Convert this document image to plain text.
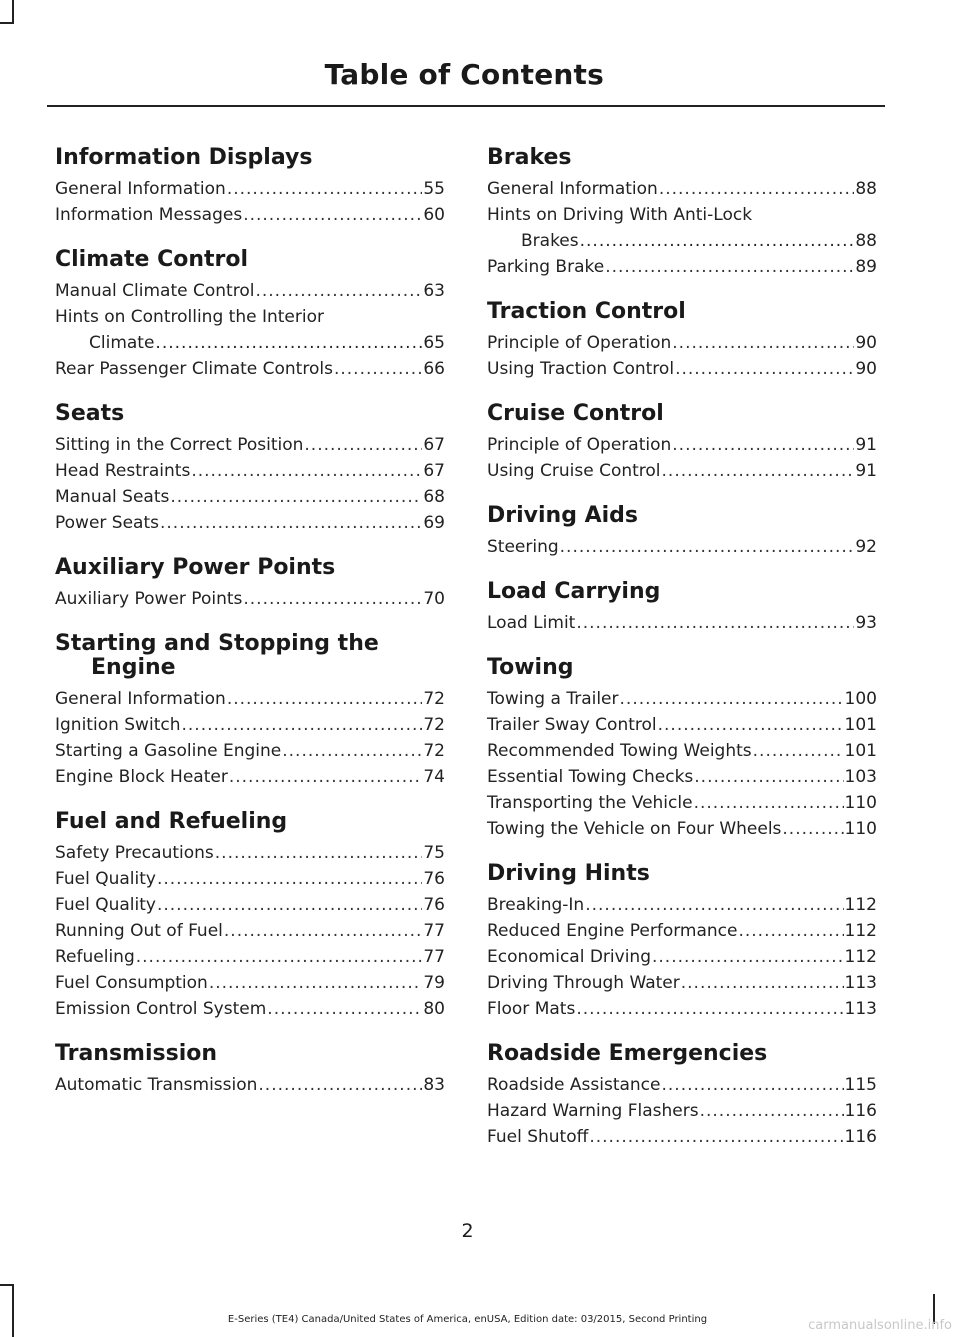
Table of Contents
Information Displays
General Information .....	55
Information Messages .....	60
Climate Control
Manual Climate Control .....	63
Hints on Controlling the Interior
Climate .....	65
Rear Passenger Climate Controls .....	66
Seats
Sitting in the Correct Position .....	67
Head Restraints .....	67
Manual Seats .....	68
Power Seats .....	69
Auxiliary Power Points
Auxiliary Power Points .....	70
Starting and Stopping the
Engine
General Information .....	72
Ignition Switch .....	72
Starting a Gasoline Engine .....	72
Engine Block Heater .....	74
Fuel and Refueling
Safety Precautions .....	75
Fuel Quality .....	76
Fuel Quality .....	76
Running Out of Fuel .....	77
Refueling .....	77
Fuel Consumption .....	79
Emission Control System .....	80
Transmission
Automatic Transmission .....	83
Brakes
General Information .....	88
Hints on Driving With Anti-Lock
Brakes .....	88
Parking Brake .....	89
Traction Control
Principle of Operation .....	90
Using Traction Control .....	90
Cruise Control
Principle of Operation .....	91
Using Cruise Control .....	91
Driving Aids
Steering .....	92
Load Carrying
Load Limit .....	93
Towing
Towing a Trailer .....	100
Trailer Sway Control .....	101
Recommended Towing Weights .....	101
Essential Towing Checks .....	103
Transporting the Vehicle .....	110
Towing the Vehicle on Four Wheels .....	110
Driving Hints
Breaking-In .....	112
Reduced Engine Performance .....	112
Economical Driving .....	112
Driving Through Water .....	113
Floor Mats .....	113
Roadside Emergencies
Roadside Assistance .....	115
Hazard Warning Flashers .....	116
Fuel Shutoff .....	116
2
E-Series (TE4) Canada/United States of America, enUSA, Edition date: 03/2015, Second Printing	carmanualsonline.info
